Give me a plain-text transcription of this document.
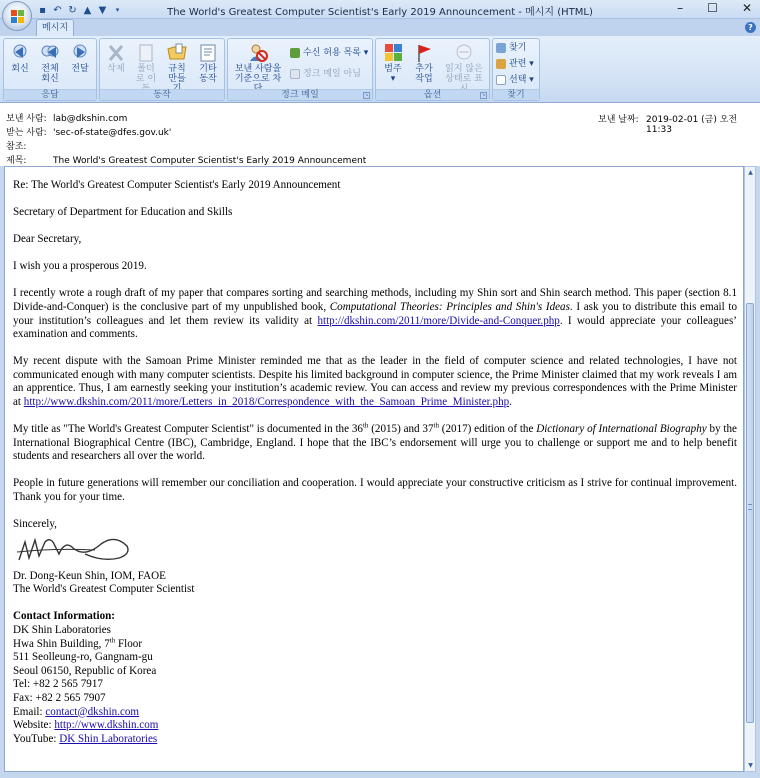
▪ ↶ ↻ ▲ ▼	▾	The World's Greatest Computer Scientist's Early 2019 Announcement - 메시지 (HTML)	– ☐ ✕
메시지	?
회신	전체 회신
전달
응답
삭제	폴더로 이
규칙 만들
기타 동작
동작
보낸 사람을 기준으로 차
수신 허용 목록 ▾
정크 메일 아님
정크 메일	↘
범주
▾
추가 작업
읽지 않은 상태로 표
옵션	↘
찾기
관련 ▾
선택 ▾
찾기
보낸 사람: lab@dkshin.com
받는 사람: 'sec-of-state@dfes.gov.uk'
참조:
제목:	The World's Greatest Computer Scientist's Early 2019 Announcement
보낸 날짜: 2019-02-01 (금) 오전 11:33

Re: The World's Greatest Computer Scientist's Early 2019 Announcement

Secretary of Department for Education and Skills

Dear Secretary,

I wish you a prosperous 2019.

I recently wrote a rough draft of my paper that compares sorting and searching methods, including my Shin sort and Shin search method. This paper (section 8.1 Divide-and-Conquer) is the conclusive part of my unpublished book, Computational Theories: Principles and Shin's Ideas. I ask you to distribute this email to your institution’s colleagues and let them review its validity at http://dkshin.com/2011/more/Divide-and-Conquer.php. I would appreciate your colleagues’ examination and comments.

My recent dispute with the Samoan Prime Minister reminded me that as the leader in the field of computer science and related technologies, I have not communicated enough with many computer scientists. Despite his limited background in computer science, the Prime Minister claimed that my work reveals I am an apprentice. Thus, I am earnestly seeking your institution’s academic review. You can access and review my previous correspondences with the Prime Minister at http://www.dkshin.com/2011/more/Letters_in_2018/Correspondence_with_the_Samoan_Prime_Minister.php.

My title as "The World's Greatest Computer Scientist" is documented in the 36th (2015) and 37th (2017) edition of the Dictionary of International Biography by the International Biographical Centre (IBC), Cambridge, England. I hope that the IBC’s endorsement will urge you to challenge or support me and to help benefit students and researchers all over the world.

People in future generations will remember our conciliation and cooperation. I would appreciate your constructive criticism as I strive for continual improvement. Thank you for your time.

Sincerely,
Dr. Dong-Keun Shin, IOM, FAOE
The World's Greatest Computer Scientist
Contact Information:
DK Shin Laboratories
Hwa Shin Building, 7th Floor
511 Seolleung-ro, Gangnam-gu
Seoul 06150, Republic of Korea
Tel: +82 2 565 7917
Fax: +82 2 565 7907
Email: contact@dkshin.com
Website: http://www.dkshin.com
YouTube: DK Shin Laboratories
▲
▼
